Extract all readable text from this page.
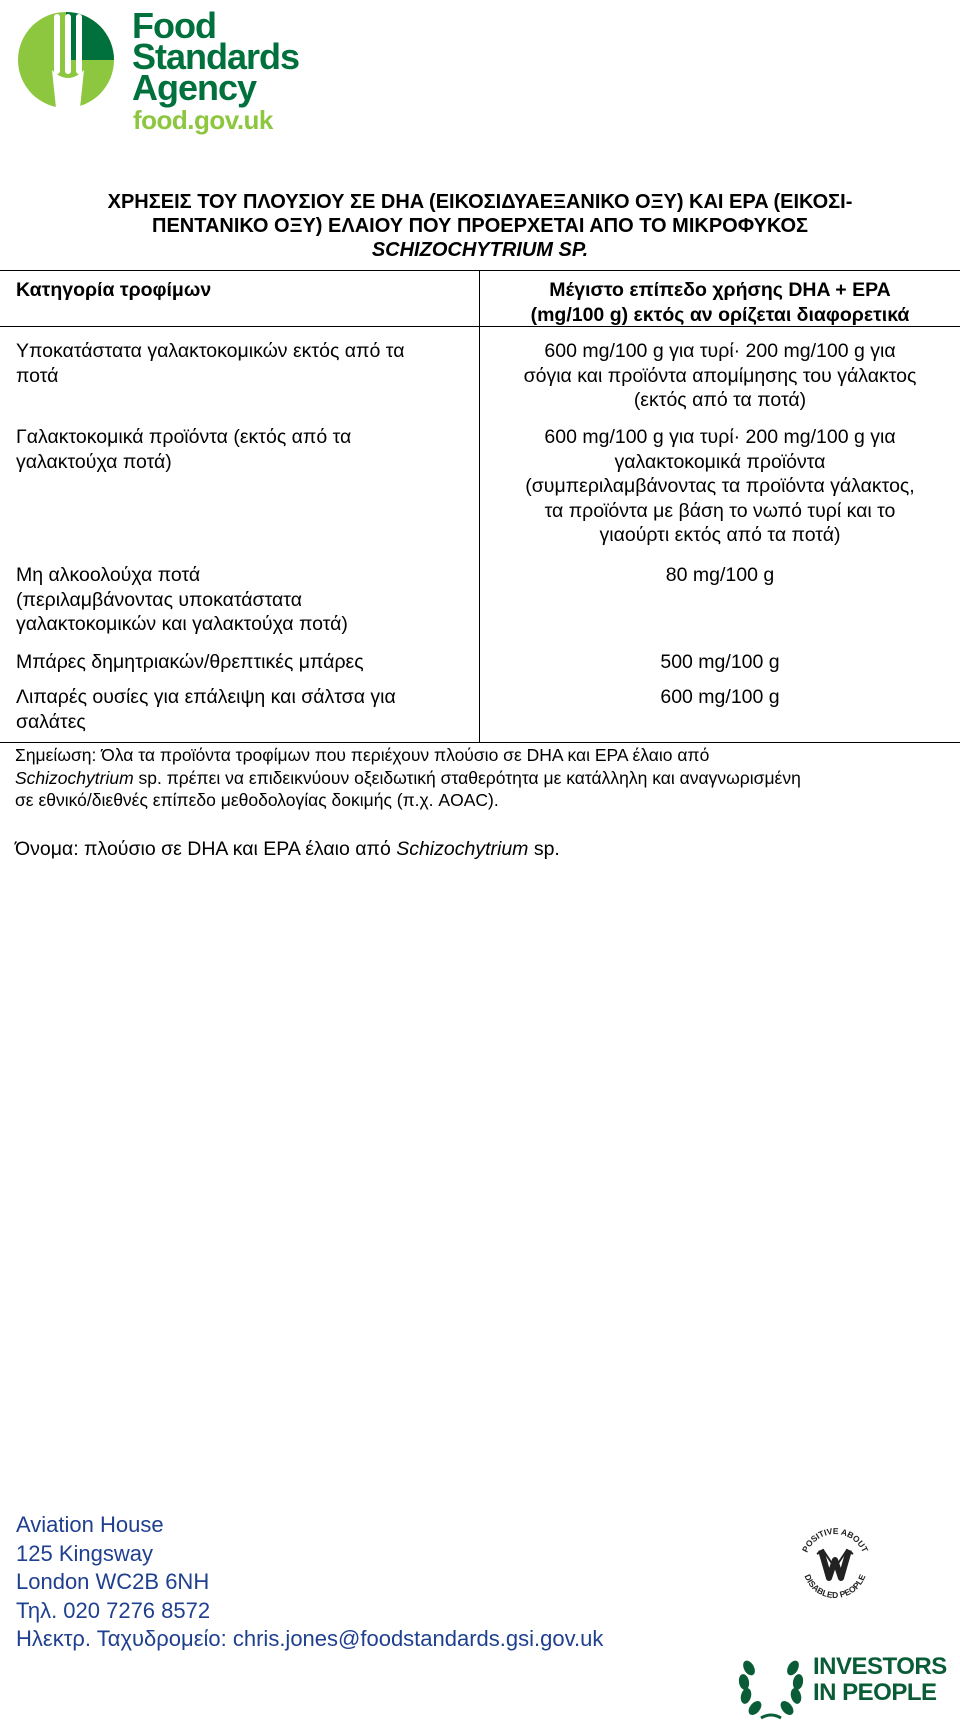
Food
Standards
Agency
food.gov.uk
ΧΡΗΣΕΙΣ ΤΟΥ ΠΛΟΥΣΙΟΥ ΣΕ DHA (ΕΙΚΟΣΙΔΥΑΕΞΑΝΙΚΟ ΟΞΥ) ΚΑΙ EPA (ΕΙΚΟΣΙ-
ΠΕΝΤΑΝΙΚΟ ΟΞΥ) ΕΛΑΙΟΥ ΠΟΥ ΠΡΟΕΡΧΕΤΑΙ ΑΠΟ ΤΟ ΜΙΚΡΟΦΥΚΟΣ
SCHIZOCHYTRIUM SP.
Κατηγορία τροφίμων	Μέγιστο επίπεδο χρήσης DHA + EPA
(mg/100 g) εκτός αν ορίζεται διαφορετικά
Υποκατάστατα γαλακτοκομικών εκτός από τα
ποτά
600 mg/100 g για τυρί· 200 mg/100 g για
σόγια και προϊόντα απομίμησης του γάλακτος
(εκτός από τα ποτά)
Γαλακτοκομικά προϊόντα (εκτός από τα
γαλακτούχα ποτά)
600 mg/100 g για τυρί· 200 mg/100 g για
γαλακτοκομικά προϊόντα
(συμπεριλαμβάνοντας τα προϊόντα γάλακτος,
τα προϊόντα με βάση το νωπό τυρί και το
γιαούρτι εκτός από τα ποτά)
Μη αλκοολούχα ποτά
(περιλαμβάνοντας υποκατάστατα
γαλακτοκομικών και γαλακτούχα ποτά)
80 mg/100 g
Μπάρες δημητριακών/θρεπτικές μπάρες	500 mg/100 g
Λιπαρές ουσίες για επάλειψη και σάλτσα για
σαλάτες
600 mg/100 g
Σημείωση: Όλα τα προϊόντα τροφίμων που περιέχουν πλούσιο σε DHA και EPA έλαιο από
Schizochytrium sp. πρέπει να επιδεικνύουν οξειδωτική σταθερότητα με κατάλληλη και αναγνωρισμένη
σε εθνικό/διεθνές επίπεδο μεθοδολογίας δοκιμής (π.χ. AOAC).
Όνομα: πλούσιο σε DHA και EPA έλαιο από Schizochytrium sp.
Aviation House
125 Kingsway
London WC2B 6NH
Τηλ. 020 7276 8572
Ηλεκτρ. Ταχυδρομείο: chris.jones@foodstandards.gsi.gov.uk
POSITIVE ABOUT
DISABLED PEOPLE
INVESTORS
IN PEOPLE
